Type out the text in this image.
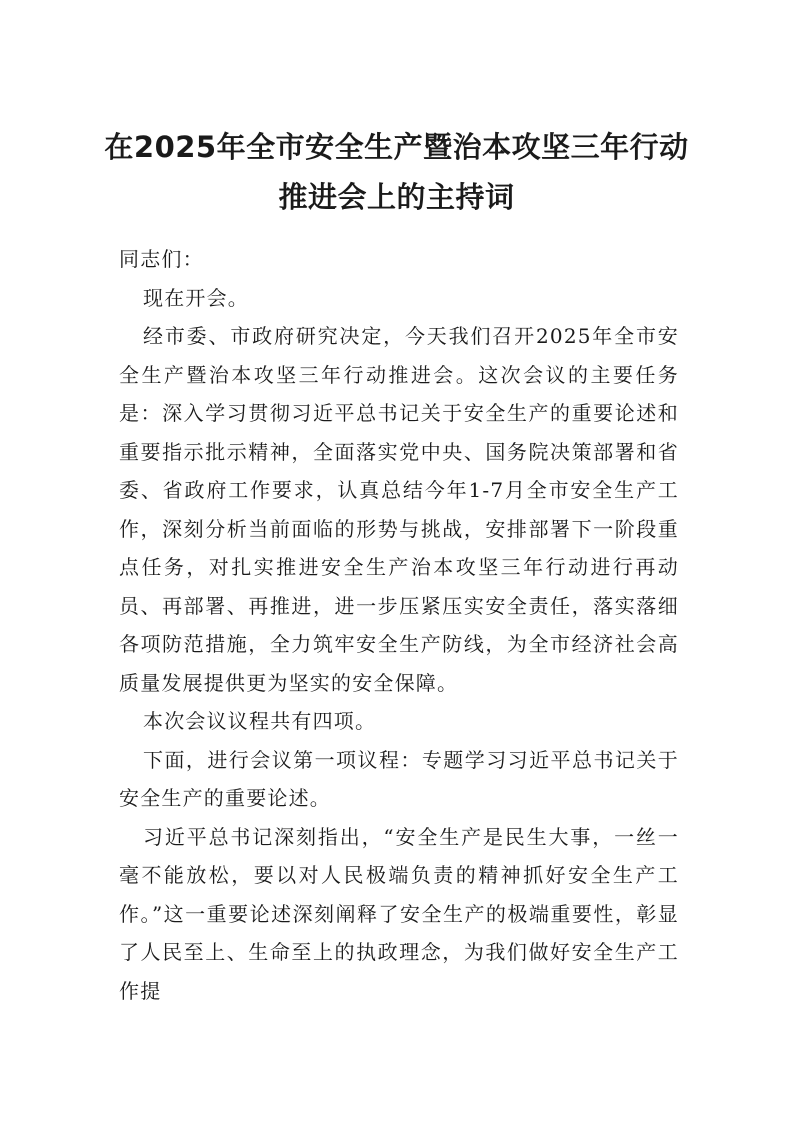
在2025年全市安全生产暨治本攻坚三年行动推进会上的主持词

同志们：

现在开会。

经市委、市政府研究决定，今天我们召开2025年全市安全生产暨治本攻坚三年行动推进会。这次会议的主要任务是：深入学习贯彻习近平总书记关于安全生产的重要论述和重要指示批示精神，全面落实党中央、国务院决策部署和省委、省政府工作要求，认真总结今年1-7月全市安全生产工作，深刻分析当前面临的形势与挑战，安排部署下一阶段重点任务，对扎实推进安全生产治本攻坚三年行动进行再动员、再部署、再推进，进一步压紧压实安全责任，落实落细各项防范措施，全力筑牢安全生产防线，为全市经济社会高质量发展提供更为坚实的安全保障。

本次会议议程共有四项。

下面，进行会议第一项议程：专题学习习近平总书记关于安全生产的重要论述。

习近平总书记深刻指出，“安全生产是民生大事，一丝一毫不能放松，要以对人民极端负责的精神抓好安全生产工作。”这一重要论述深刻阐释了安全生产的极端重要性，彰显了人民至上、生命至上的执政理念，为我们做好安全生产工作提
